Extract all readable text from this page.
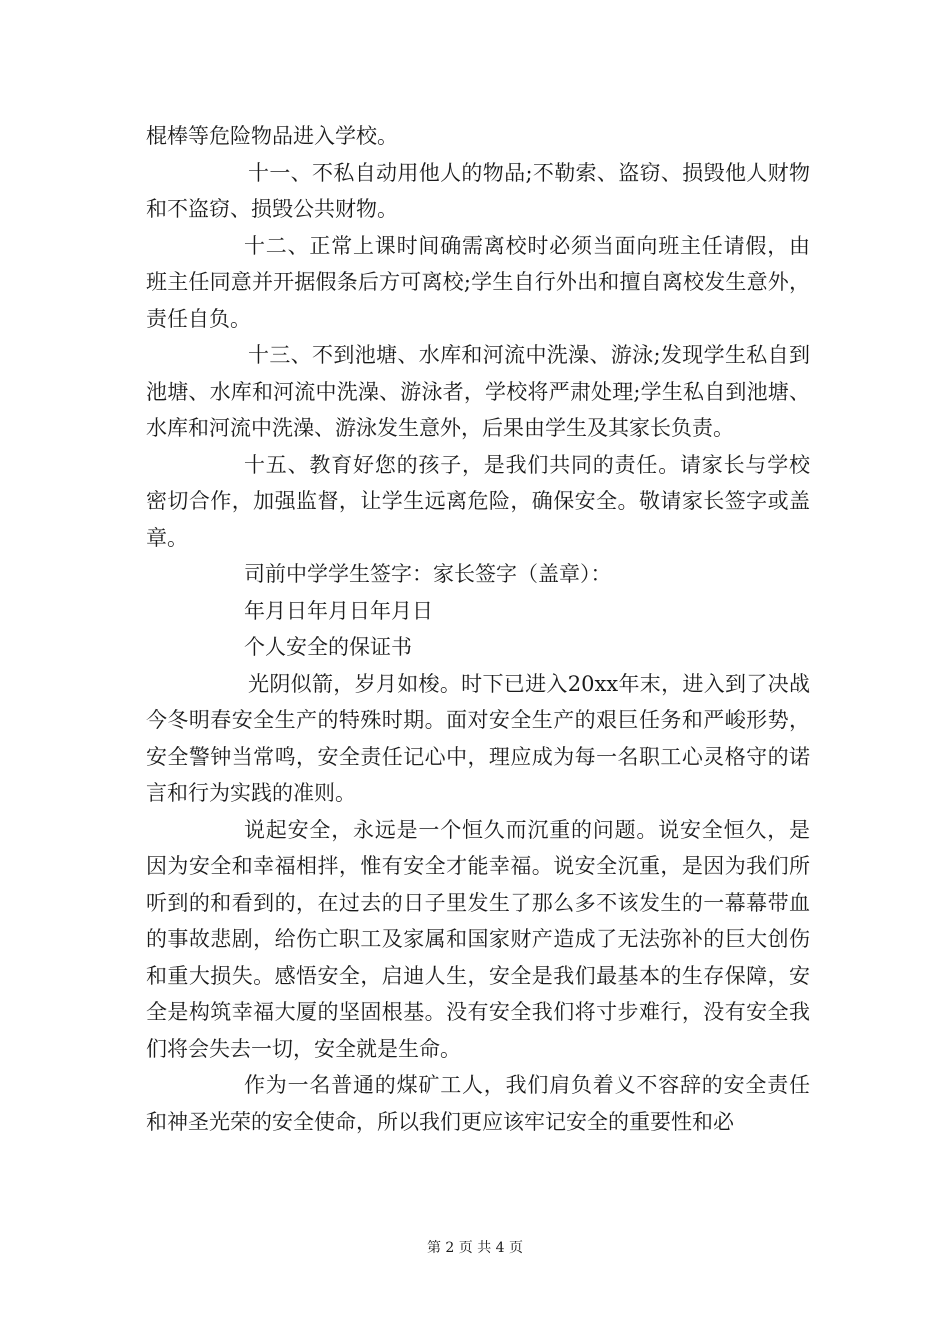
棍棒等危险物品进入学校。

十一、不私自动用他人的物品;不勒索、盗窃、损毁他人财物和不盗窃、损毁公共财物。

十二、正常上课时间确需离校时必须当面向班主任请假，由班主任同意并开据假条后方可离校;学生自行外出和擅自离校发生意外，责任自负。

十三、不到池塘、水库和河流中洗澡、游泳;发现学生私自到池塘、水库和河流中洗澡、游泳者，学校将严肃处理;学生私自到池塘、水库和河流中洗澡、游泳发生意外，后果由学生及其家长负责。

十五、教育好您的孩子，是我们共同的责任。请家长与学校密切合作，加强监督，让学生远离危险，确保安全。敬请家长签字或盖章。

司前中学学生签字：家长签字（盖章）：

年月日年月日年月日

个人安全的保证书

光阴似箭，岁月如梭。时下已进入20xx年末，进入到了决战今冬明春安全生产的特殊时期。面对安全生产的艰巨任务和严峻形势，安全警钟当常鸣，安全责任记心中，理应成为每一名职工心灵格守的诺言和行为实践的准则。

说起安全，永远是一个恒久而沉重的问题。说安全恒久，是因为安全和幸福相拌，惟有安全才能幸福。说安全沉重，是因为我们所听到的和看到的，在过去的日子里发生了那么多不该发生的一幕幕带血的事故悲剧，给伤亡职工及家属和国家财产造成了无法弥补的巨大创伤和重大损失。感悟安全，启迪人生，安全是我们最基本的生存保障，安全是构筑幸福大厦的坚固根基。没有安全我们将寸步难行，没有安全我们将会失去一切，安全就是生命。

作为一名普通的煤矿工人，我们肩负着义不容辞的安全责任和神圣光荣的安全使命，所以我们更应该牢记安全的重要性和必

第 2 页 共 4 页
